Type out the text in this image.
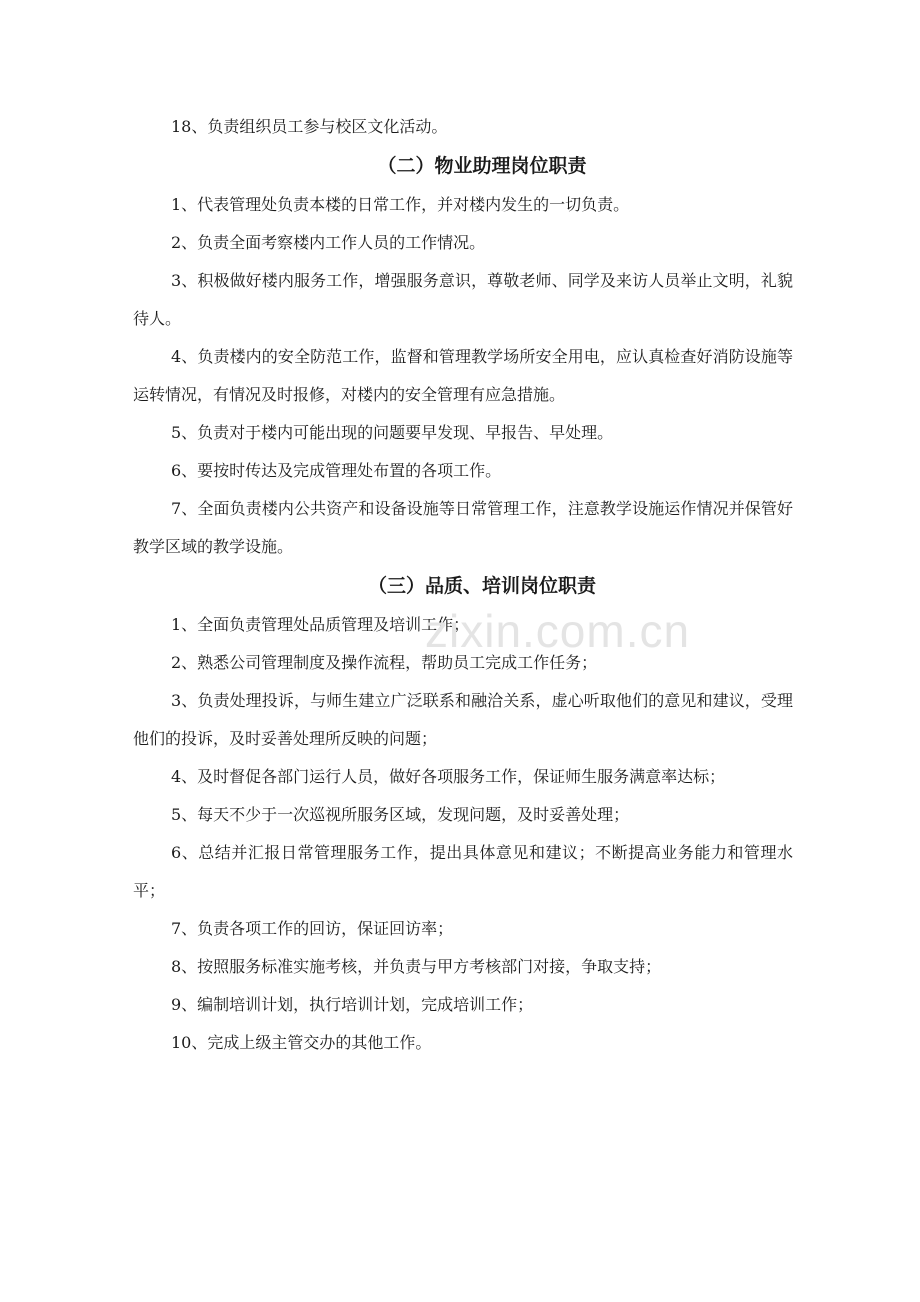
18、负责组织员工参与校区文化活动。

（二）物业助理岗位职责

1、代表管理处负责本楼的日常工作，并对楼内发生的一切负责。

2、负责全面考察楼内工作人员的工作情况。

3、积极做好楼内服务工作，增强服务意识，尊敬老师、同学及来访人员举止文明，礼貌待人。

4、负责楼内的安全防范工作，监督和管理教学场所安全用电，应认真检查好消防设施等运转情况，有情况及时报修，对楼内的安全管理有应急措施。

5、负责对于楼内可能出现的问题要早发现、早报告、早处理。

6、要按时传达及完成管理处布置的各项工作。

7、全面负责楼内公共资产和设备设施等日常管理工作，注意教学设施运作情况并保管好教学区域的教学设施。

（三）品质、培训岗位职责

1、全面负责管理处品质管理及培训工作；

2、熟悉公司管理制度及操作流程，帮助员工完成工作任务；

3、负责处理投诉，与师生建立广泛联系和融洽关系，虚心听取他们的意见和建议，受理他们的投诉，及时妥善处理所反映的问题；

4、及时督促各部门运行人员，做好各项服务工作，保证师生服务满意率达标；

5、每天不少于一次巡视所服务区域，发现问题，及时妥善处理；

6、总结并汇报日常管理服务工作，提出具体意见和建议；不断提高业务能力和管理水平；

7、负责各项工作的回访，保证回访率；

8、按照服务标准实施考核，并负责与甲方考核部门对接，争取支持；

9、编制培训计划，执行培训计划，完成培训工作；

10、完成上级主管交办的其他工作。

zixin.com.cn
